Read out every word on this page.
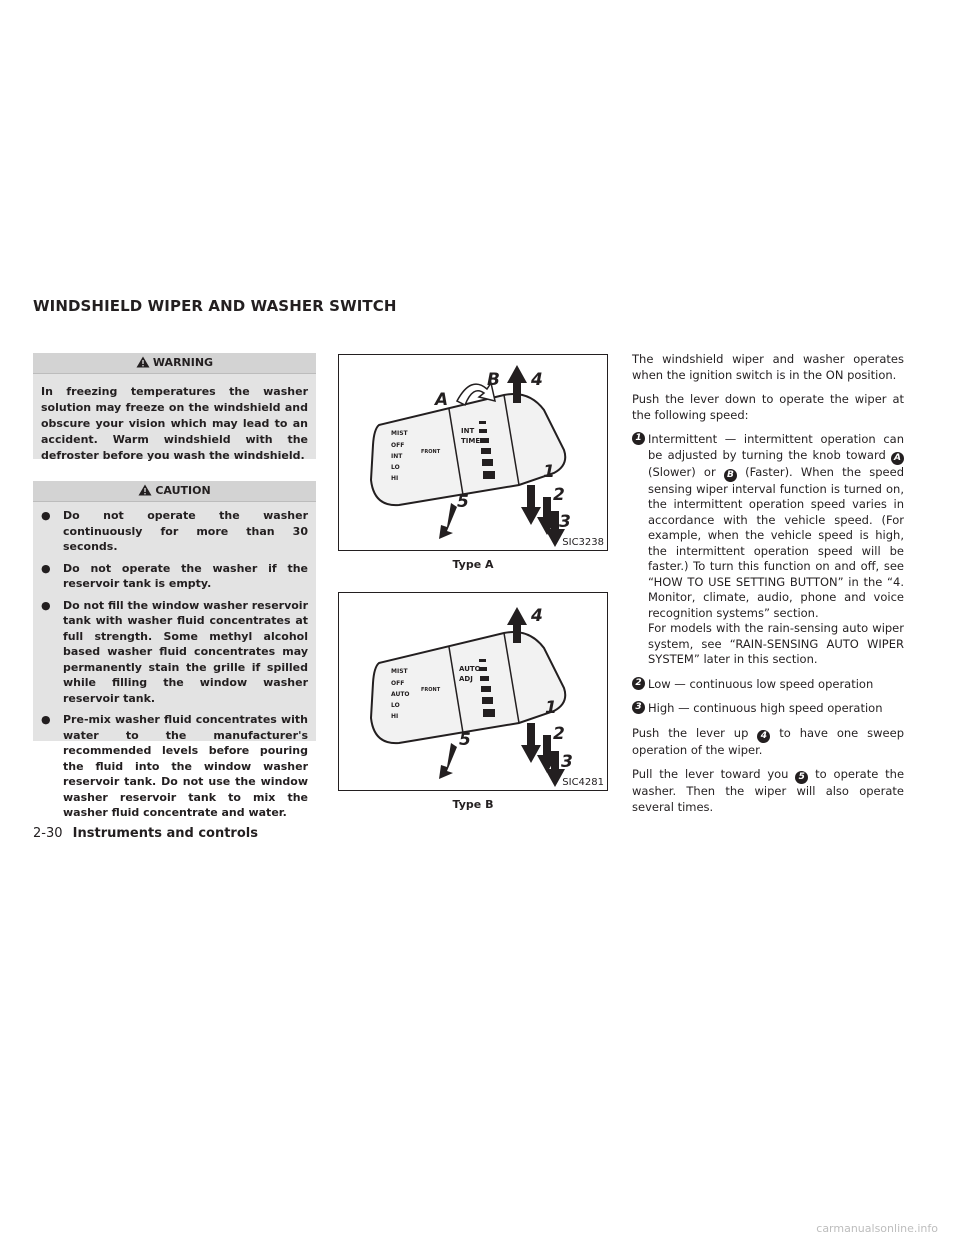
WINDSHIELD WIPER AND WASHER SWITCH
WARNING

In freezing temperatures the washer solution may freeze on the windshield and obscure your vision which may lead to an accident. Warm windshield with the defroster before you wash the windshield.

CAUTION
● Do not operate the washer continuously for more than 30 seconds.
● Do not operate the washer if the reservoir tank is empty.
● Do not fill the window washer reservoir tank with washer fluid concentrates at full strength. Some methyl alcohol based washer fluid concentrates may permanently stain the grille if spilled while filling the window washer reservoir tank.
● Pre-mix washer fluid concentrates with water to the manufacturer's recommended levels before pouring the fluid into the window washer reservoir tank. Do not use the window washer reservoir tank to mix the washer fluid concentrate and water.
MIST
OFF
INT
LO
HI
FRONT
INT
TIME
4
B
A
1
2
3
5
SIC3238
Type A
MIST
OFF
AUTO
LO
HI
FRONT
AUTO
ADJ
4
1
2
3
5
SIC4281
Type B

The windshield wiper and washer operates when the ignition switch is in the ON position.

Push the lever down to operate the wiper at the following speed:

1 Intermittent — intermittent operation can be adjusted by turning the knob toward A (Slower) or B (Faster). When the speed sensing wiper interval function is turned on, the intermittent operation speed varies in accordance with the vehicle speed. (For example, when the vehicle speed is high, the intermittent operation speed will be faster.) To turn this function on and off, see “HOW TO USE SETTING BUTTON” in the “4. Monitor, climate, audio, phone and voice recognition systems” section.
For models with the rain-sensing auto wiper system, see “RAIN-SENSING AUTO WIPER SYSTEM” later in this section.
2 Low — continuous low speed operation
3 High — continuous high speed operation

Push the lever up 4 to have one sweep operation of the wiper.

Pull the lever toward you 5 to operate the washer. Then the wiper will also operate several times.

2-30 Instruments and controls
carmanualsonline.info
